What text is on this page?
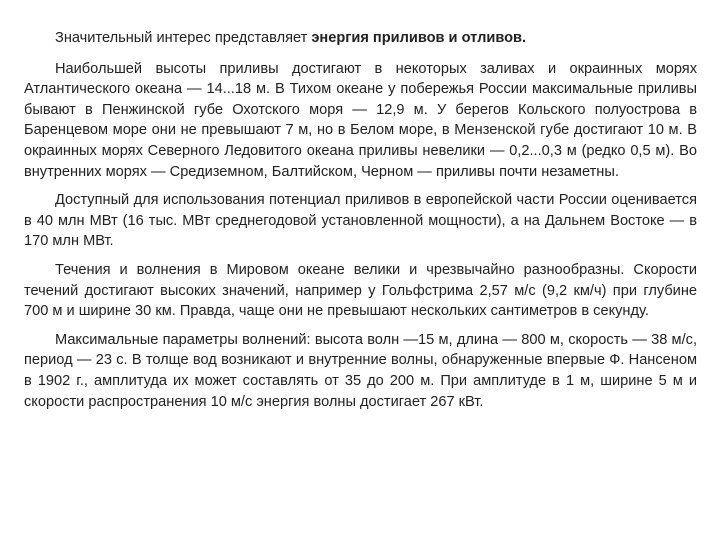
Значительный интерес представляет энергия приливов и отливов.

Наибольшей высоты приливы достигают в некоторых заливах и окраинных морях Атлантического океана — 14...18 м. В Тихом океане у побережья России максимальные приливы бывают в Пенжинской губе Охотского моря — 12,9 м. У берегов Кольского полуострова в Баренцевом море они не превышают 7 м, но в Белом море, в Мензенской губе достигают 10 м. В окраинных морях Северного Ледовитого океана приливы невелики — 0,2...0,3 м (редко 0,5 м). Во внутренних морях — Средиземном, Балтийском, Черном — приливы почти незаметны.

Доступный для использования потенциал приливов в европейской части России оценивается в 40 млн МВт (16 тыс. МВт среднегодовой установленной мощности), а на Дальнем Востоке — в 170 млн МВт.

Течения и волнения в Мировом океане велики и чрезвычайно разнообразны. Скорости течений достигают высоких значений, например у Гольфстрима 2,57 м/с (9,2 км/ч) при глубине 700 м и ширине 30 км. Правда, чаще они не превышают нескольких сантиметров в секунду.

Максимальные параметры волнений: высота волн —15 м, длина — 800 м, скорость — 38 м/с, период — 23 с. В толще вод возникают и внутренние волны, обнаруженные впервые Ф. Нансеном в 1902 г., амплитуда их может составлять от 35 до 200 м. При амплитуде в 1 м, ширине 5 м и скорости распространения 10 м/с энергия волны достигает 267 кВт.
